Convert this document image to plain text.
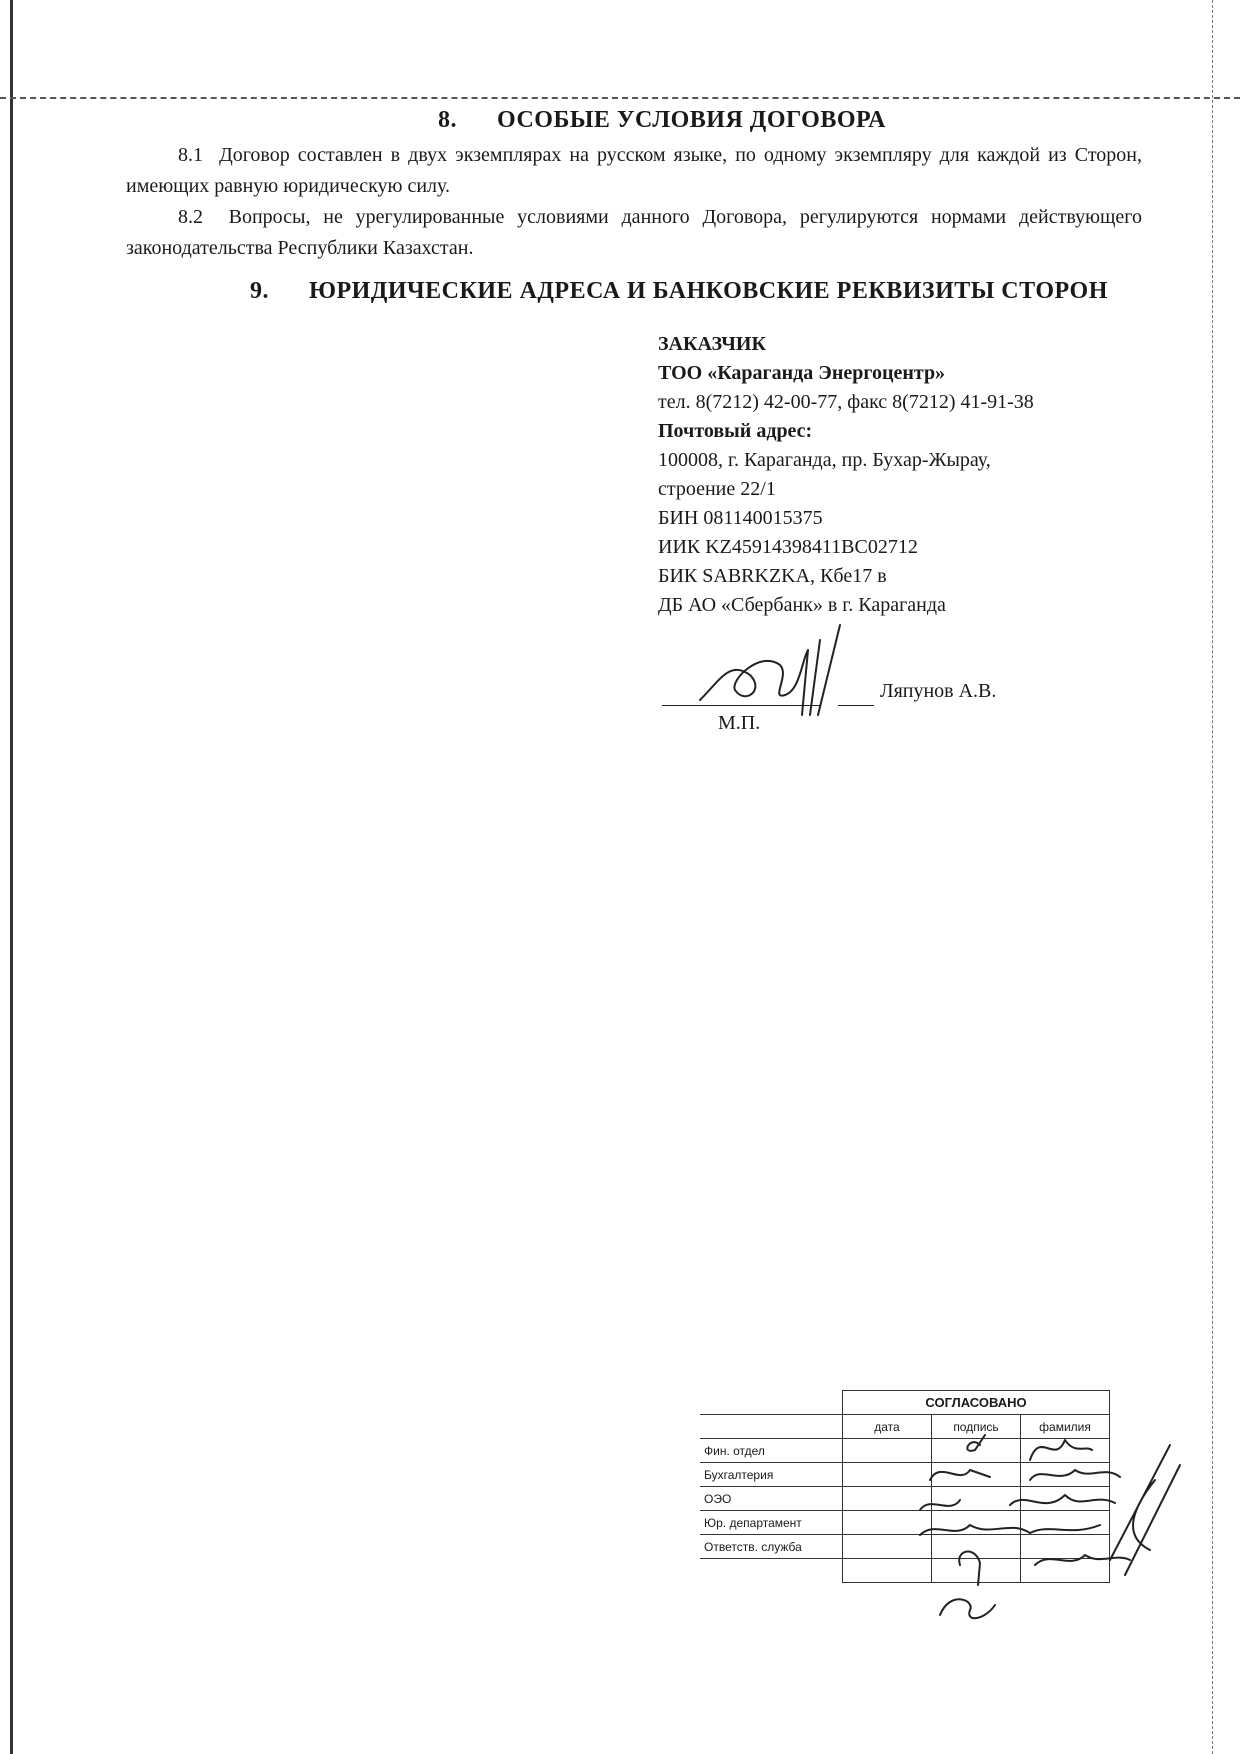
8. ОСОБЫЕ УСЛОВИЯ ДОГОВОРА
8.1 Договор составлен в двух экземплярах на русском языке, по одному экземпляру для каждой из Сторон, имеющих равную юридическую силу.
8.2 Вопросы, не урегулированные условиями данного Договора, регулируются нормами действующего законодательства Республики Казахстан.
9. ЮРИДИЧЕСКИЕ АДРЕСА И БАНКОВСКИЕ РЕКВИЗИТЫ СТОРОН
ЗАКАЗЧИК
ТОО «Караганда Энергоцентр»
тел. 8(7212) 42-00-77, факс 8(7212) 41-91-38
Почтовый адрес:
100008, г. Караганда, пр. Бухар-Жырау,
строение 22/1
БИН 081140015375
ИИК KZ45914398411BC02712
БИК SABRKZKA, Кбе17 в
ДБ АО «Сбербанк» в г. Караганда
Ляпунов А.В.
М.П.
	СОГЛАСОВАНО		
	дата	подпись	фамилия
Фин. отдел			
Бухгалтерия			
ОЭО			
Юр. департамент			
Ответств. служба			
